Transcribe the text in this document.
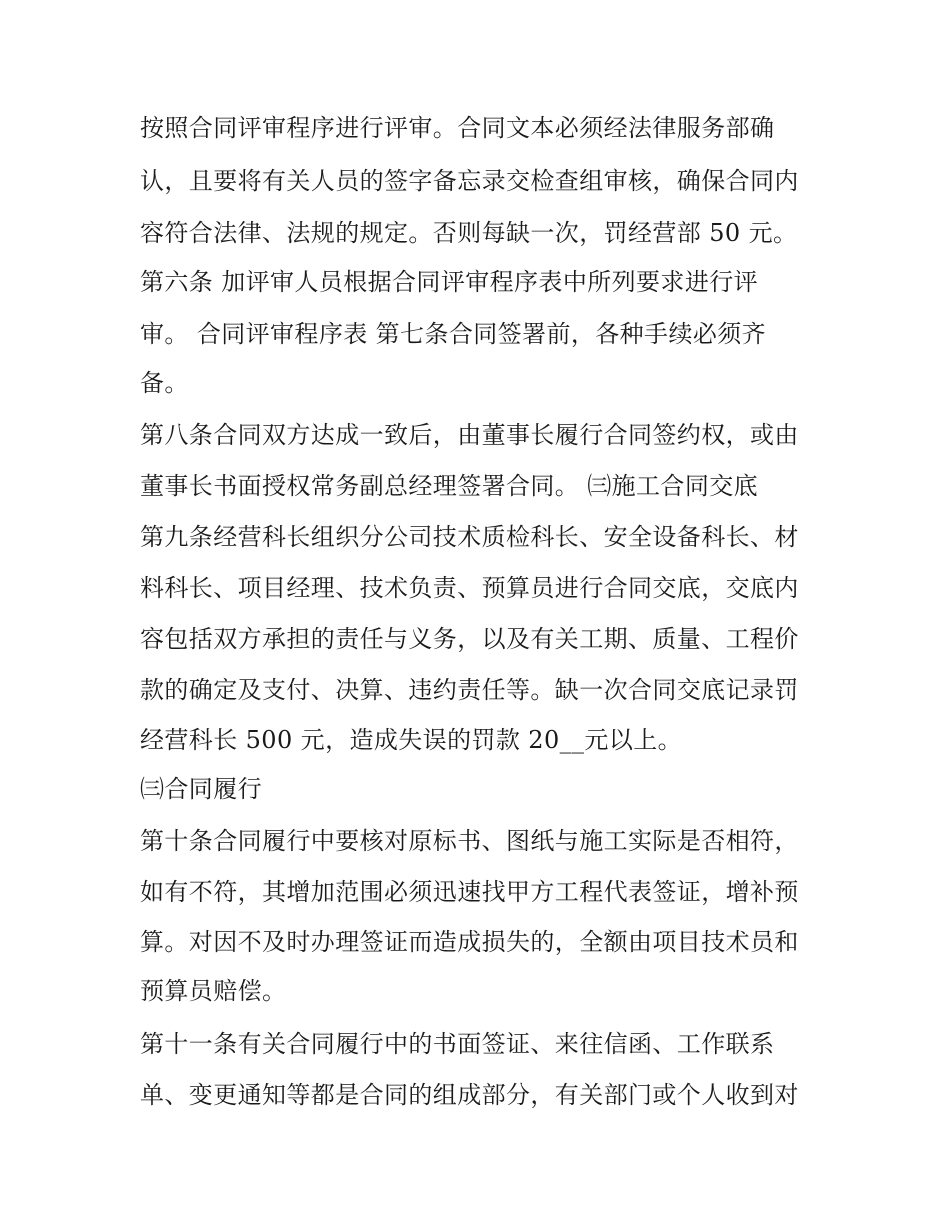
按照合同评审程序进行评审。合同文本必须经法律服务部确
认，且要将有关人员的签字备忘录交检查组审核，确保合同内
容符合法律、法规的规定。否则每缺一次，罚经营部 50 元。
第六条 加评审人员根据合同评审程序表中所列要求进行评
审。 合同评审程序表 第七条合同签署前，各种手续必须齐
备。
第八条合同双方达成一致后，由董事长履行合同签约权，或由
董事长书面授权常务副总经理签署合同。 ㈢施工合同交底
第九条经营科长组织分公司技术质检科长、安全设备科长、材
料科长、项目经理、技术负责、预算员进行合同交底，交底内
容包括双方承担的责任与义务，以及有关工期、质量、工程价
款的确定及支付、决算、违约责任等。缺一次合同交底记录罚
经营科长 500 元，造成失误的罚款 20__元以上。
㈢合同履行
第十条合同履行中要核对原标书、图纸与施工实际是否相符，
如有不符，其增加范围必须迅速找甲方工程代表签证，增补预
算。对因不及时办理签证而造成损失的，全额由项目技术员和
预算员赔偿。
第十一条有关合同履行中的书面签证、来往信函、工作联系
单、变更通知等都是合同的组成部分，有关部门或个人收到对
